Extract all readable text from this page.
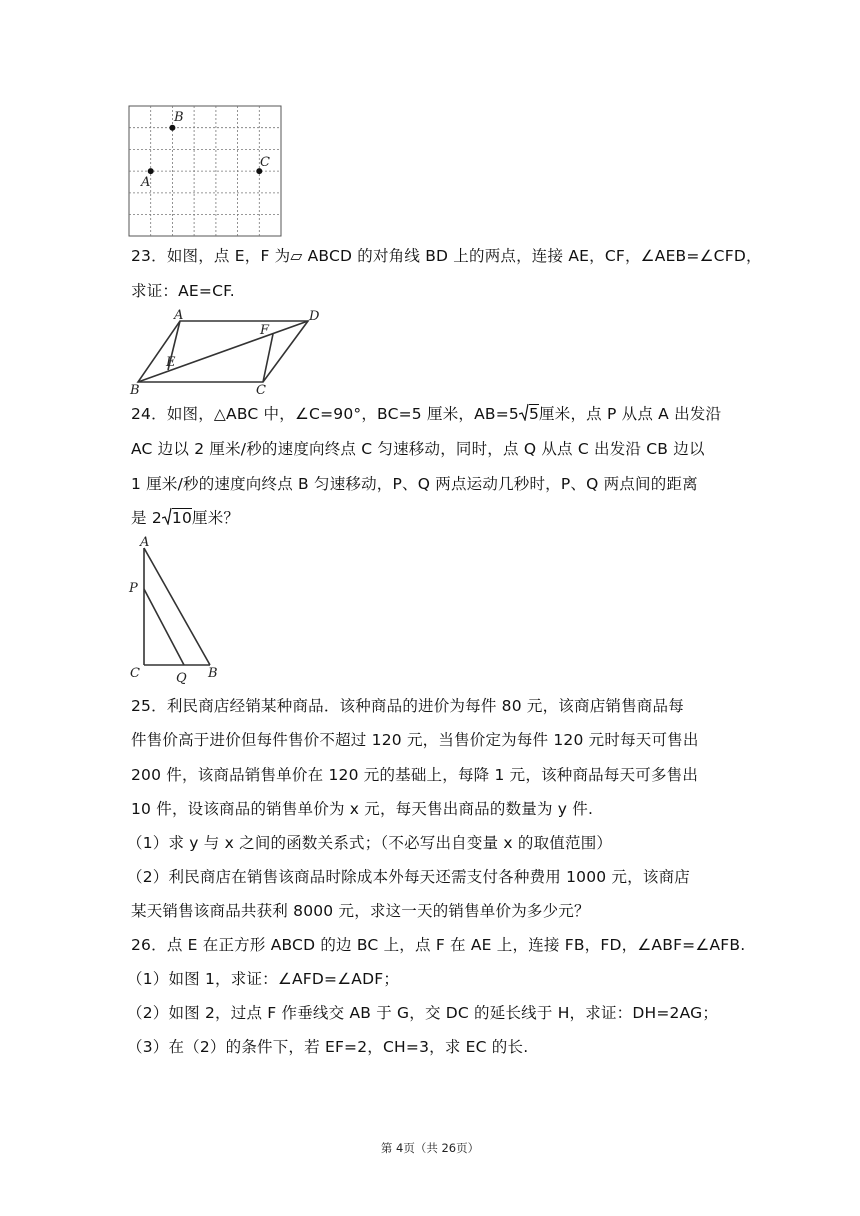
B
A
C
23．如图，点 E，F 为▱ ABCD 的对角线 BD 上的两点，连接 AE，CF，∠AEB=∠CFD，
求证：AE=CF.
A	D
F
E
B	C
24．如图，△ABC 中，∠C=90°，BC=5 厘米，AB=5 5厘米，点 P 从点 A 出发沿
AC 边以 2 厘米/秒的速度向终点 C 匀速移动，同时，点 Q 从点 C 出发沿 CB 边以
1 厘米/秒的速度向终点 B 匀速移动，P、Q 两点运动几秒时，P、Q 两点间的距离
是 2 10厘米？
A
P
C	Q B
25．利民商店经销某种商品．该种商品的进价为每件 80 元，该商店销售商品每
件售价高于进价但每件售价不超过 120 元，当售价定为每件 120 元时每天可售出
200 件，该商品销售单价在 120 元的基础上，每降 1 元，该种商品每天可多售出
10 件，设该商品的销售单价为 x 元，每天售出商品的数量为 y 件.
（1）求 y 与 x 之间的函数关系式；（不必写出自变量 x 的取值范围）
（2）利民商店在销售该商品时除成本外每天还需支付各种费用 1000 元，该商店
某天销售该商品共获利 8000 元，求这一天的销售单价为多少元？
26．点 E 在正方形 ABCD 的边 BC 上，点 F 在 AE 上，连接 FB，FD，∠ABF=∠AFB.
（1）如图 1，求证：∠AFD=∠ADF；
（2）如图 2，过点 F 作垂线交 AB 于 G，交 DC 的延长线于 H，求证：DH=2AG；
（3）在（2）的条件下，若 EF=2，CH=3，求 EC 的长.
第 4页（共 26页）
